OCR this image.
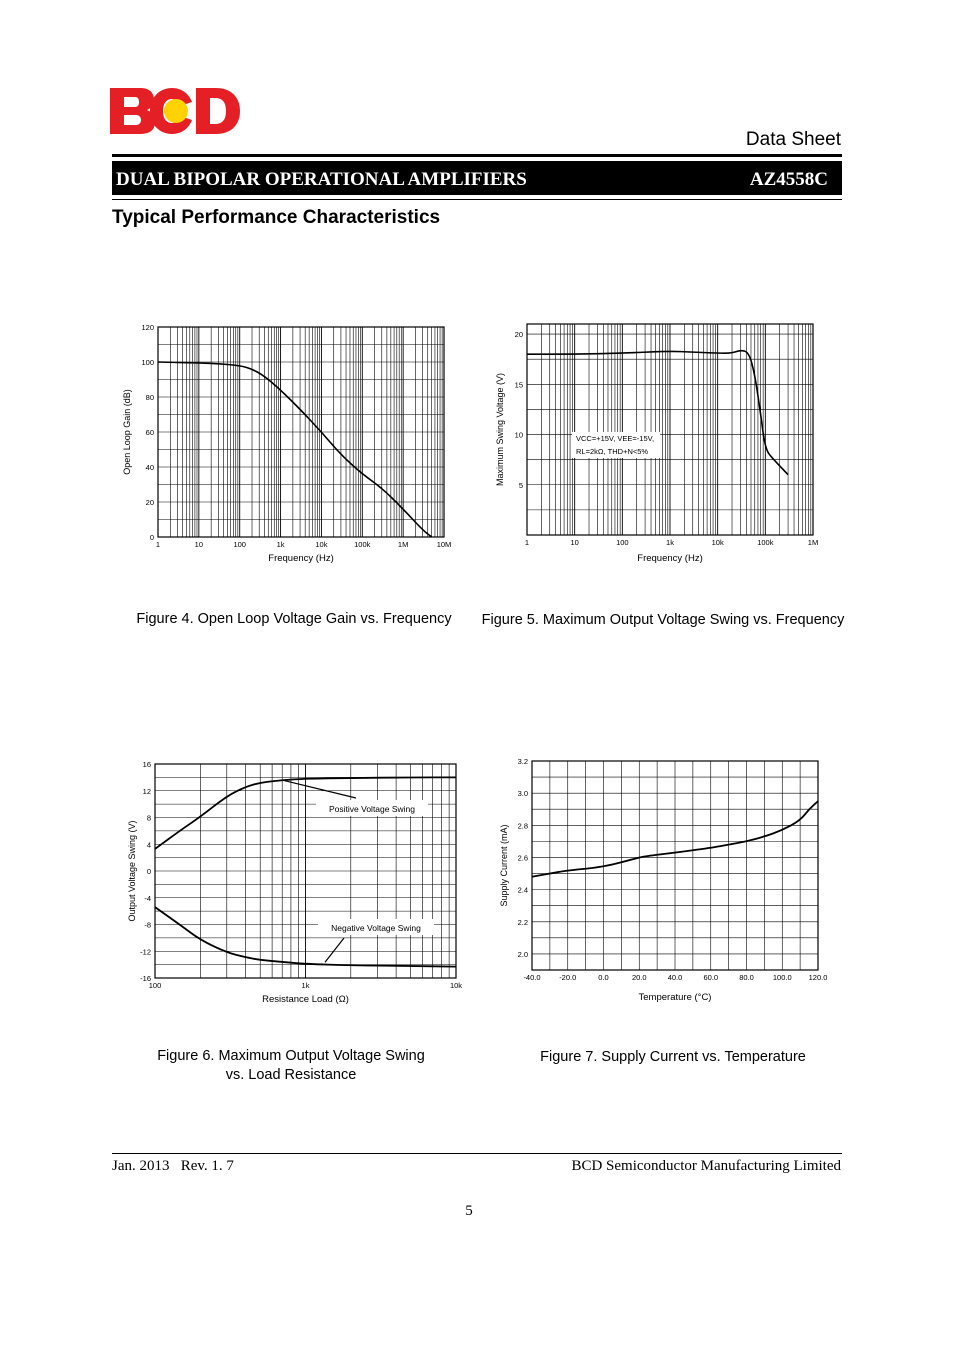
Data Sheet
DUAL BIPOLAR OPERATIONAL AMPLIFIERS	AZ4558C
Typical Performance Characteristics
1	10	100	1k	10k	100k	1M	10M
0
20
40
60
80
100
120
Frequency (Hz)
Open Loop Gain (dB)
1	10	100	1k	10k	100k	1M
5
10
15
20
Frequency (Hz)
Maximum Swing Voltage (V)	VCC=+15V, VEE=-15V,
RL=2kΩ, THD+N<5%
100	1k	10k
-16
-12
-8
-4
0
4
8
12
16
Resistance Load (Ω)
Output Voltage Swing (V)
Positive Voltage Swing
Negative Voltage Swing
-40.0 -20.0	0.0	20.0	40.0	60.0	80.0	100.0 120.0
2.0
2.2
2.4
2.6
2.8
3.0
3.2
Temperature (°C)
Supply Current (mA)
Figure 4. Open Loop Voltage Gain vs. Frequency	Figure 5. Maximum Output Voltage Swing vs. Frequency
Figure 6. Maximum Output Voltage Swing
vs. Load Resistance
Figure 7. Supply Current vs. Temperature
Jan. 2013   Rev. 1. 7	BCD Semiconductor Manufacturing Limited
5
